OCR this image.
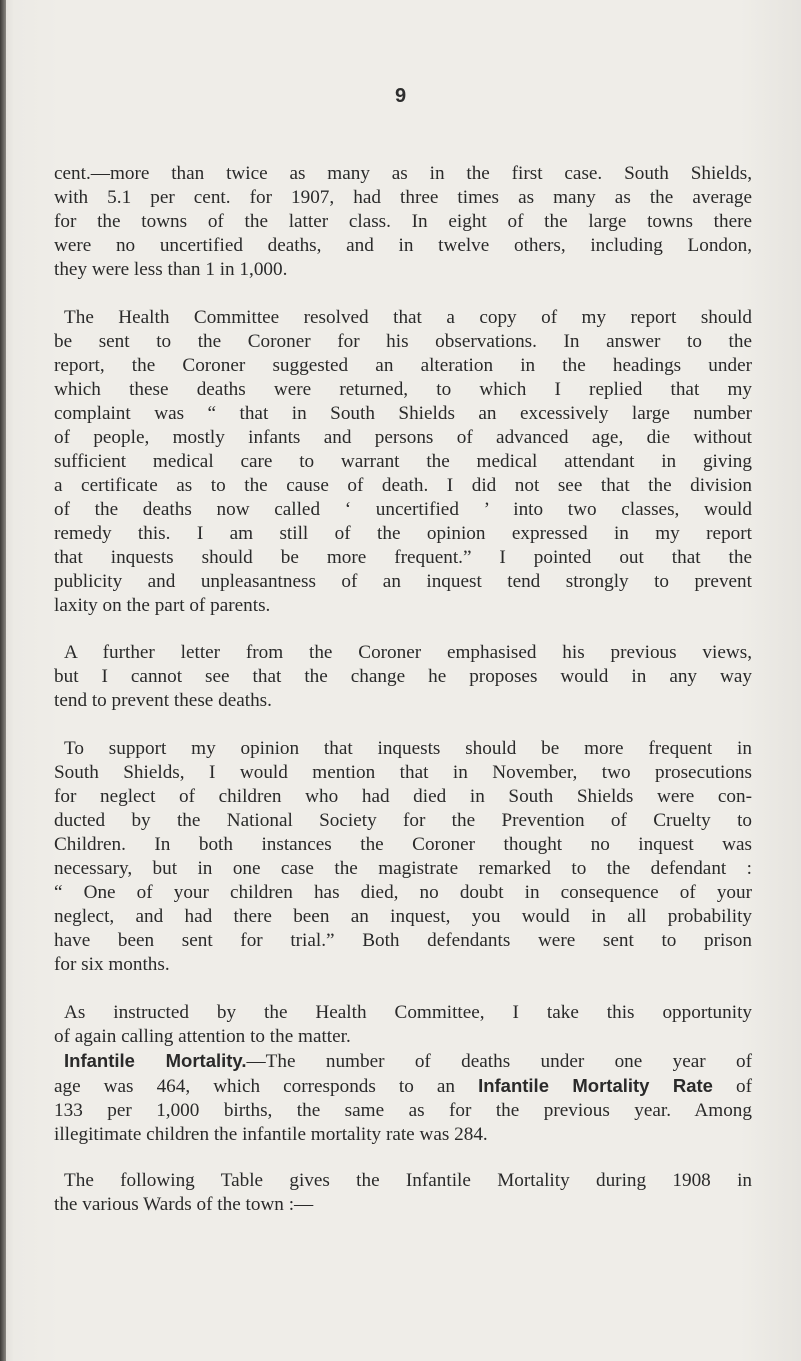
9
cent.—more than twice as many as in the first case. South Shields,
with 5.1 per cent. for 1907, had three times as many as the average
for the towns of the latter class. In eight of the large towns there
were no uncertified deaths, and in twelve others, including London,
they were less than 1 in 1,000.
The Health Committee resolved that a copy of my report should
be sent to the Coroner for his observations. In answer to the
report, the Coroner suggested an alteration in the headings under
which these deaths were returned, to which I replied that my
complaint was “ that in South Shields an excessively large number
of people, mostly infants and persons of advanced age, die without
sufficient medical care to warrant the medical attendant in giving
a certificate as to the cause of death. I did not see that the division
of the deaths now called ‘ uncertified ’ into two classes, would
remedy this. I am still of the opinion expressed in my report
that inquests should be more frequent.” I pointed out that the
publicity and unpleasantness of an inquest tend strongly to prevent
laxity on the part of parents.
A further letter from the Coroner emphasised his previous views,
but I cannot see that the change he proposes would in any way
tend to prevent these deaths.
To support my opinion that inquests should be more frequent in
South Shields, I would mention that in November, two prosecutions
for neglect of children who had died in South Shields were con-
ducted by the National Society for the Prevention of Cruelty to
Children. In both instances the Coroner thought no inquest was
necessary, but in one case the magistrate remarked to the defendant :
“ One of your children has died, no doubt in consequence of your
neglect, and had there been an inquest, you would in all probability
have been sent for trial.” Both defendants were sent to prison
for six months.
As instructed by the Health Committee, I take this opportunity
of again calling attention to the matter.
Infantile Mortality.—The number of deaths under one year of
age was 464, which corresponds to an Infantile Mortality Rate of
133 per 1,000 births, the same as for the previous year. Among
illegitimate children the infantile mortality rate was 284.
The following Table gives the Infantile Mortality during 1908 in
the various Wards of the town :—
